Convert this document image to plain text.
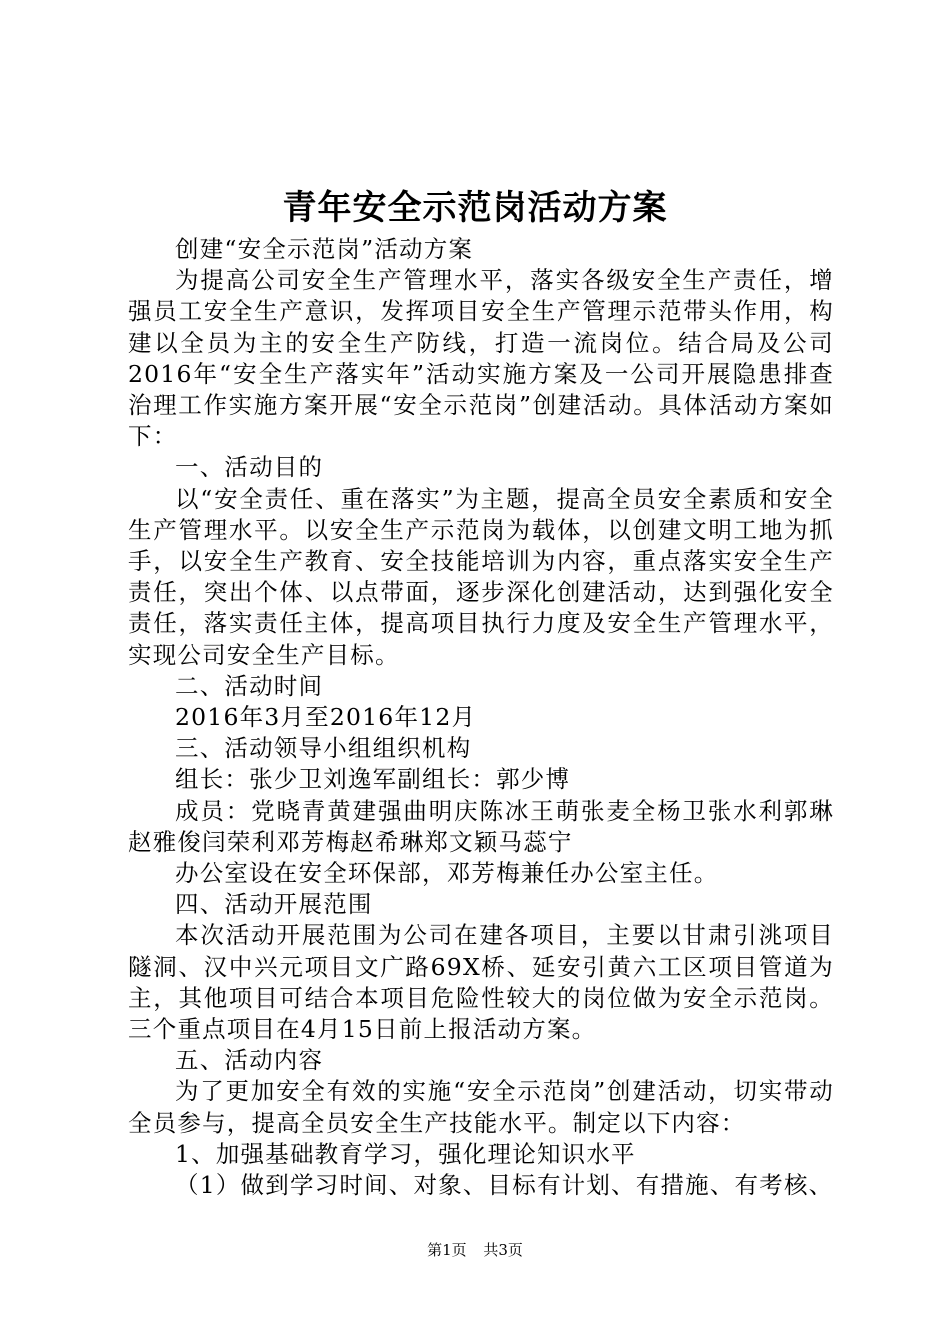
青年安全示范岗活动方案

创建“安全示范岗”活动方案

为提高公司安全生产管理水平，落实各级安全生产责任，增强员工安全生产意识，发挥项目安全生产管理示范带头作用，构建以全员为主的安全生产防线，打造一流岗位。结合局及公司2016年“安全生产落实年”活动实施方案及一公司开展隐患排查治理工作实施方案开展“安全示范岗”创建活动。具体活动方案如下：

一、活动目的

以“安全责任、重在落实”为主题，提高全员安全素质和安全生产管理水平。以安全生产示范岗为载体，以创建文明工地为抓手，以安全生产教育、安全技能培训为内容，重点落实安全生产责任，突出个体、以点带面，逐步深化创建活动，达到强化安全责任，落实责任主体，提高项目执行力度及安全生产管理水平，实现公司安全生产目标。

二、活动时间

2016年3月至2016年12月

三、活动领导小组组织机构

组长：张少卫刘逸军副组长：郭少博

成员：党晓青黄建强曲明庆陈冰王萌张麦全杨卫张水利郭琳赵雅俊闫荣利邓芳梅赵希琳郑文颖马蕊宁

办公室设在安全环保部，邓芳梅兼任办公室主任。

四、活动开展范围

本次活动开展范围为公司在建各项目，主要以甘肃引洮项目隧洞、汉中兴元项目文广路69X桥、延安引黄六工区项目管道为主，其他项目可结合本项目危险性较大的岗位做为安全示范岗。三个重点项目在4月15日前上报活动方案。

五、活动内容

为了更加安全有效的实施“安全示范岗”创建活动，切实带动全员参与，提高全员安全生产技能水平。制定以下内容：

1、加强基础教育学习，强化理论知识水平

（1）做到学习时间、对象、目标有计划、有措施、有考核、

第1页 共3页
